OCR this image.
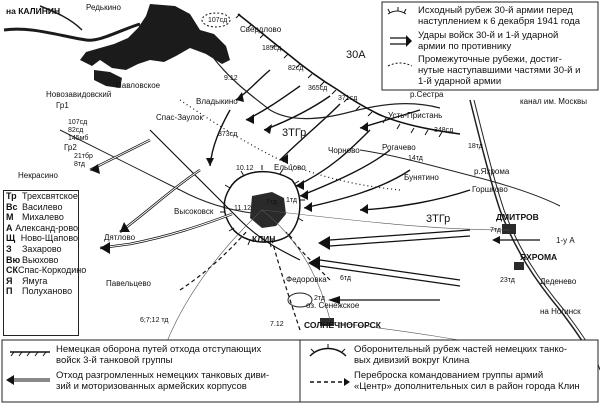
на КАЛИНИН	Редькино
Свердлово
Павловское
Новозавидовский
Владыкино
Спас-Заулок
Ельцово
Некрасино
Высоковск
КЛИН
Дятлово
Павельцево	Федоровка
оз. Сенежское
СОЛНЕЧНОГОРСК
р.Сестра
Усть-Пристань
Рогачево
Чорново
Бунятино
р.Яхрома
Горшково
ДМИТРОВ
ЯХРОМА
Деденево
на Ногинск
канал им. Москвы
30А
3ТГр
3ТГр
Гр1
Гр2
1-у А
107сд
185сд
82сд
365сд
371сд
348сд
373сд
107сд 82сд 145мб
21тбр 8тд
7тд
6;7;12 тд
14тд
18тд
6тд	23тд
2тд
7тд
1тд
9.12
10.12
11.12
7.12
Исходный рубеж 30-й армии перед наступлением к 6 декабря 1941 года
Удары войск 30-й и 1-й ударной армии по противнику
Промежуточные рубежи, достиг- нутые наступавшими частями 30-й и 1-й ударной армии
Немецкая оборона путей отхода отступающих войск 3-й танковой группы
Отход разгромленных немецких танковых диви- зий и моторизованных армейских корпусов
Оборонительный рубеж частей немецких танко- вых дивизий вокруг Клина
Переброска командованием группы армий «Центр» дополнительных сил в район города Клин
Тр Трехсвятское
Вс Василево
М Михалево
А Александ-рово
Щ Ново-Щапово
З	Захарово
Вю Вьюхово
СК Спас-Коркодино
Я	Ямуга
П	Полуханово
